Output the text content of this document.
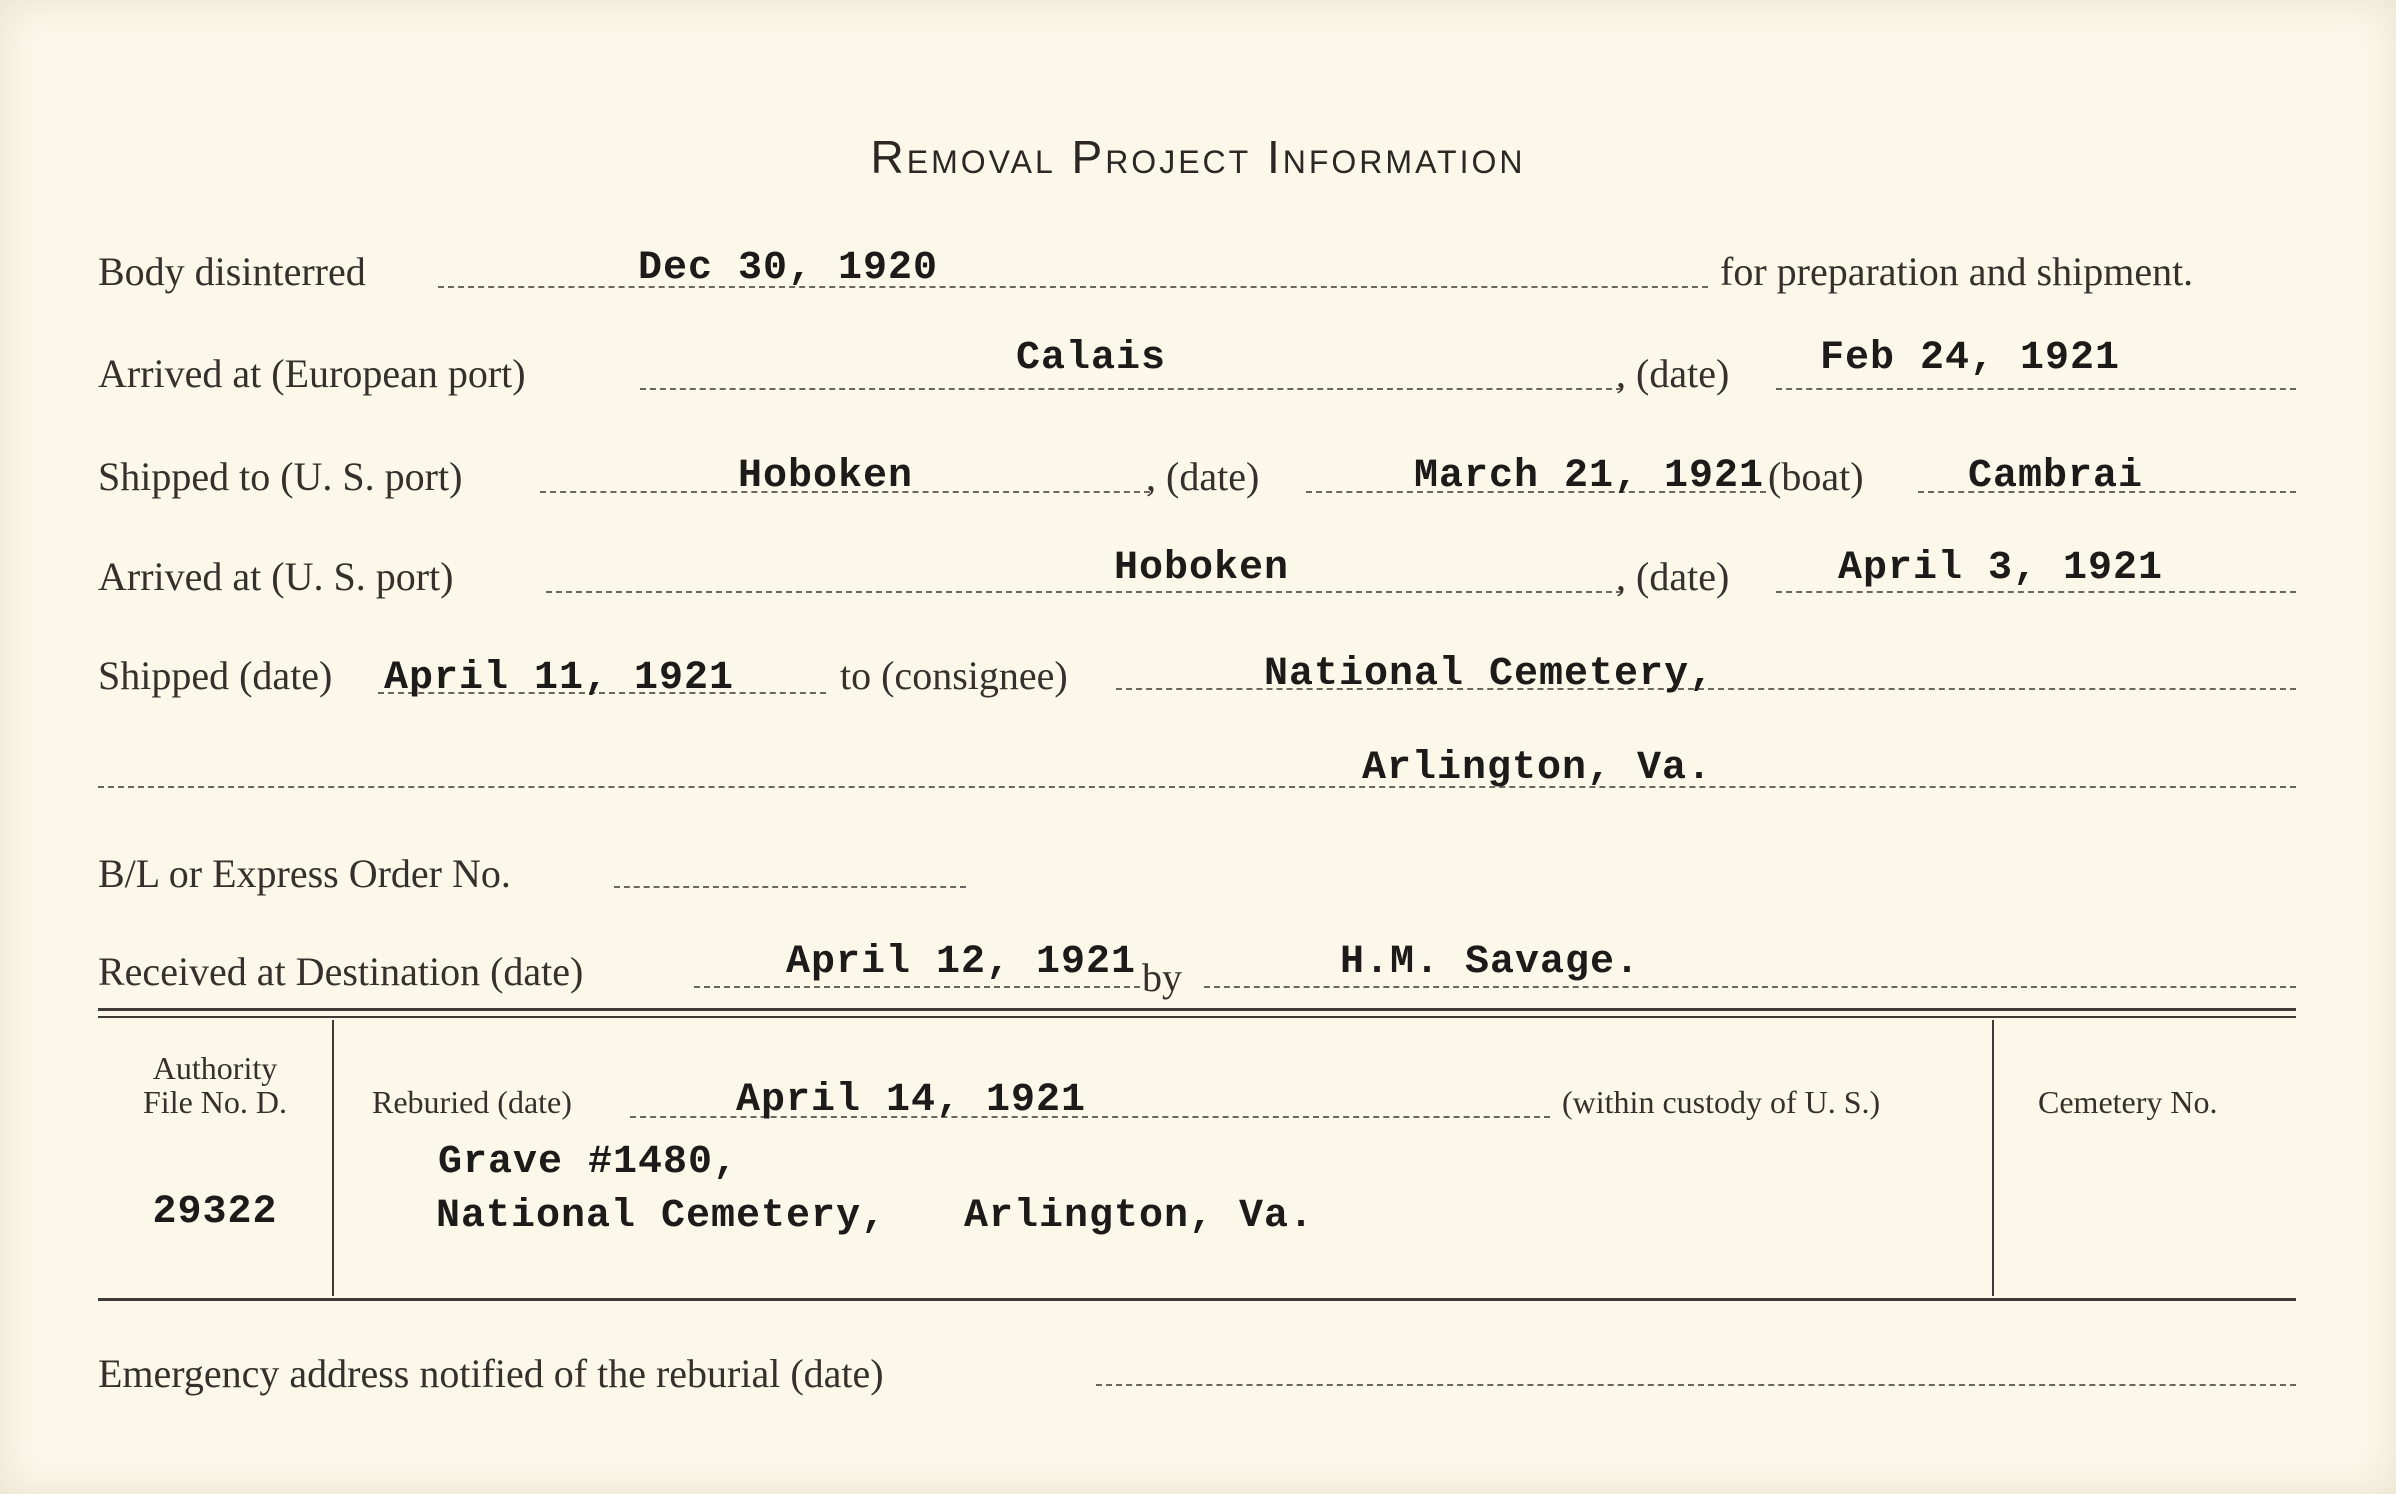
Removal Project Information
Body disinterred	Dec 30, 1920	for preparation and shipment.
Arrived at (European port)	Calais	, (date) Feb 24, 1921
Shipped to (U. S. port)	Hoboken	, (date)	March 21, 1921 (boat)	Cambrai
Arrived at (U. S. port)	Hoboken	, (date)	April 3, 1921
Shipped (date) April 11, 1921	to (consignee)	National Cemetery,
Arlington, Va.
B/L or Express Order No.
Received at Destination (date)	April 12, 1921 by	H.M. Savage.
Authority
File No. D.
29322
Reburied (date)	April 14, 1921	(within custody of U. S.)
Grave #1480,
National Cemetery, Arlington, Va.
Cemetery No.
Emergency address notified of the reburial (date)
